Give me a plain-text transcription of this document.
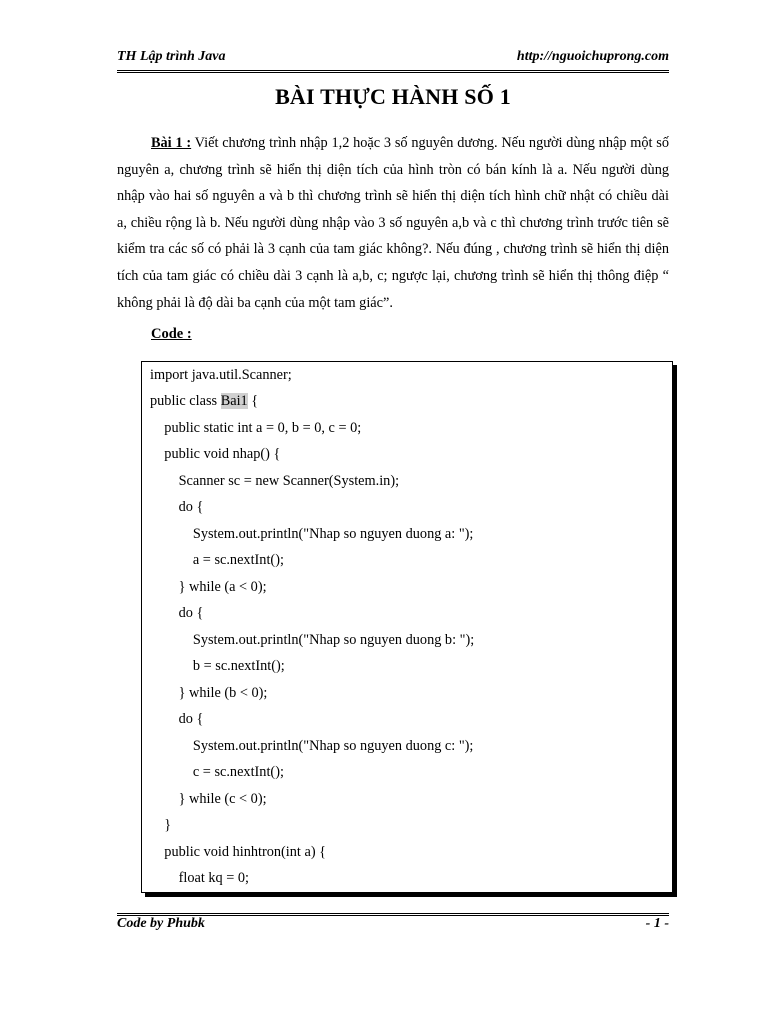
TH Lập trình Java	http://nguoichuprong.com
BÀI THỰC HÀNH SỐ 1
Bài 1 : Viết chương trình nhập 1,2 hoặc 3 số nguyên dương. Nếu người dùng nhập một số nguyên a, chương trình sẽ hiển thị diện tích của hình tròn có bán kính là a. Nếu người dùng nhập vào hai số nguyên a và b thì chương trình sẽ hiển thị diện tích hình chữ nhật có chiều dài a, chiều rộng là b. Nếu người dùng nhập vào 3 số nguyên a,b và c thì chương trình trước tiên sẽ kiểm tra các số có phải là 3 cạnh của tam giác không?. Nếu đúng , chương trình sẽ hiển thị diện tích của tam giác có chiều dài 3 cạnh là a,b, c; ngược lại, chương trình sẽ hiển thị thông điệp “ không phải là độ dài ba cạnh của một tam giác”.
Code :
import java.util.Scanner;
public class Bai1 {
public static int a = 0, b = 0, c = 0;
public void nhap() {
Scanner sc = new Scanner(System.in);
do {
System.out.println("Nhap so nguyen duong a: ");
a = sc.nextInt();
} while (a < 0);
do {
System.out.println("Nhap so nguyen duong b: ");
b = sc.nextInt();
} while (b < 0);
do {
System.out.println("Nhap so nguyen duong c: ");
c = sc.nextInt();
} while (c < 0);
}
public void hinhtron(int a) {
float kq = 0;
Code by Phubk	- 1 -
